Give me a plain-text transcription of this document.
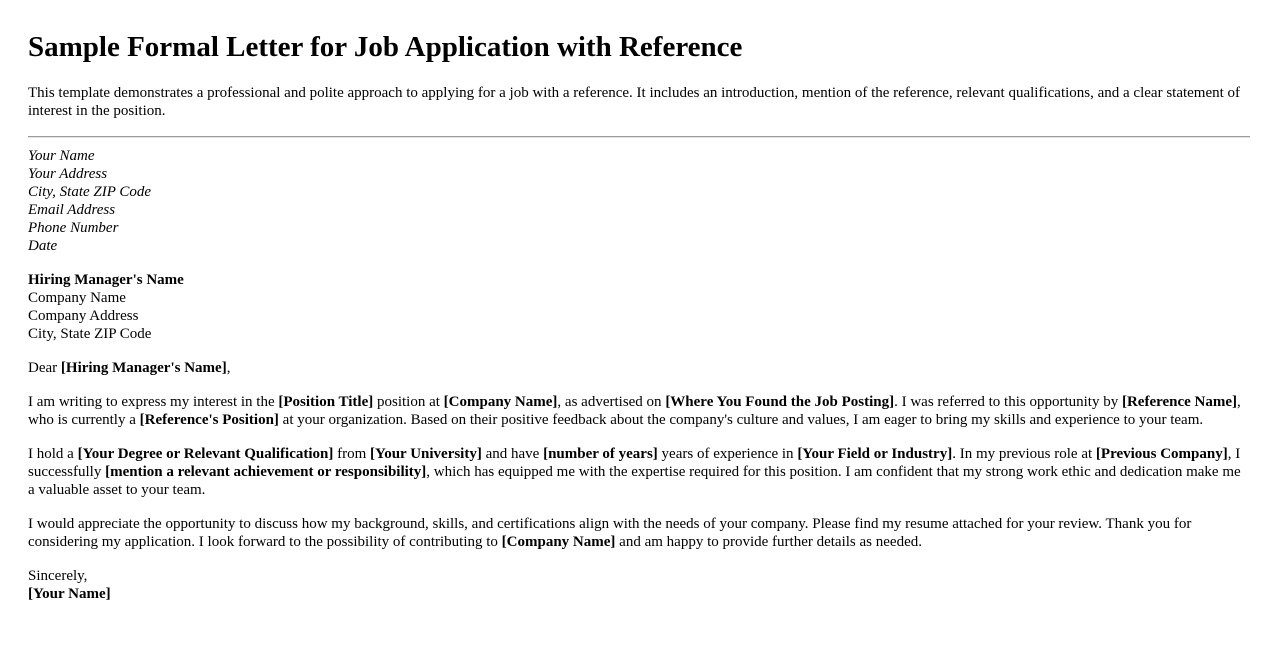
Sample Formal Letter for Job Application with Reference

This template demonstrates a professional and polite approach to applying for a job with a reference. It includes an introduction, mention of the reference, relevant qualifications, and a clear statement of interest in the position.

Your Name
Your Address
City, State ZIP Code
Email Address
Phone Number
Date
Hiring Manager's Name
Company Name
Company Address
City, State ZIP Code

Dear [Hiring Manager's Name],

I am writing to express my interest in the [Position Title] position at [Company Name], as advertised on [Where You Found the Job Posting]. I was referred to this opportunity by [Reference Name], who is currently a [Reference's Position] at your organization. Based on their positive feedback about the company's culture and values, I am eager to bring my skills and experience to your team.

I hold a [Your Degree or Relevant Qualification] from [Your University] and have [number of years] years of experience in [Your Field or Industry]. In my previous role at [Previous Company], I successfully [mention a relevant achievement or responsibility], which has equipped me with the expertise required for this position. I am confident that my strong work ethic and dedication make me a valuable asset to your team.

I would appreciate the opportunity to discuss how my background, skills, and certifications align with the needs of your company. Please find my resume attached for your review. Thank you for considering my application. I look forward to the possibility of contributing to [Company Name] and am happy to provide further details as needed.

Sincerely,
[Your Name]
